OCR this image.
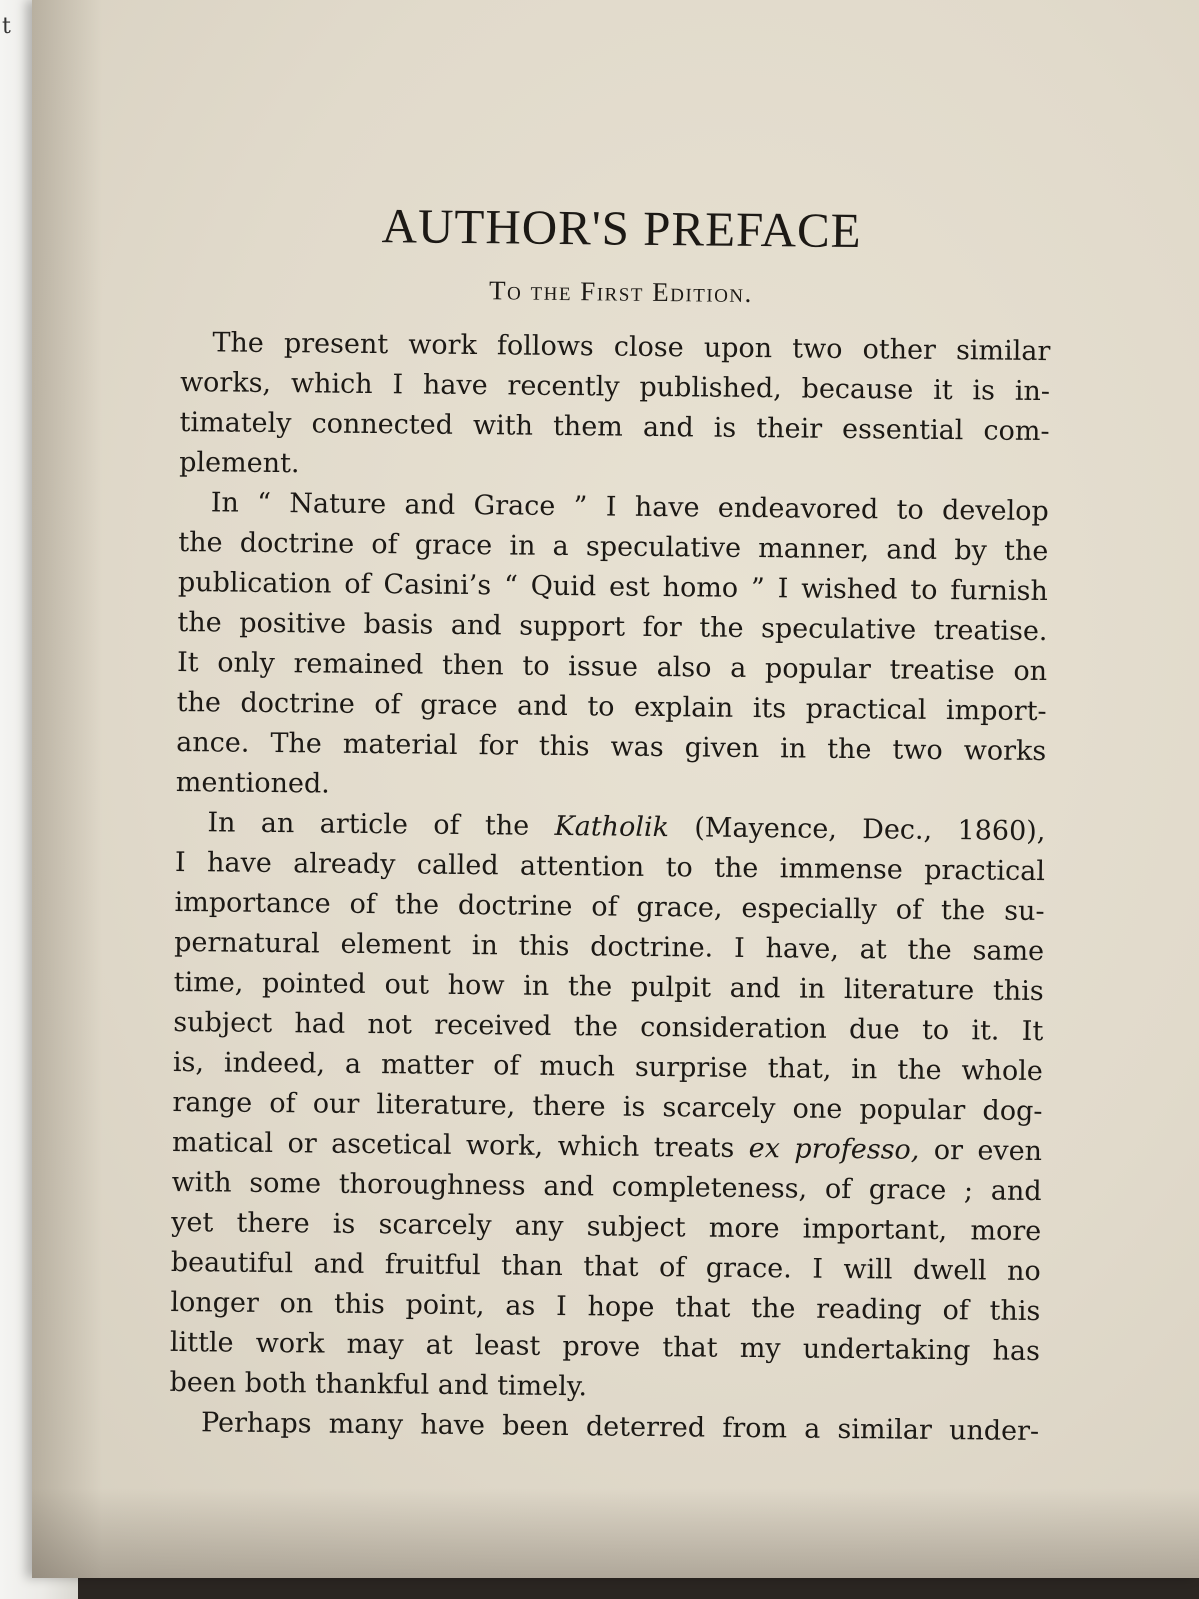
t
AUTHOR'S PREFACE
To the First Edition.

The present work follows close upon two other similar
works, which I have recently published, because it is in-
timately connected with them and is their essential com-
plement.

In “ Nature and Grace ” I have endeavored to develop
the doctrine of grace in a speculative manner, and by the
publication of Casini’s “ Quid est homo ” I wished to furnish
the positive basis and support for the speculative treatise.
It only remained then to issue also a popular treatise on
the doctrine of grace and to explain its practical import-
ance. The material for this was given in the two works
mentioned.

In an article of the Katholik (Mayence, Dec., 1860),
I have already called attention to the immense practical
importance of the doctrine of grace, especially of the su-
pernatural element in this doctrine. I have, at the same
time, pointed out how in the pulpit and in literature this
subject had not received the consideration due to it. It
is, indeed, a matter of much surprise that, in the whole
range of our literature, there is scarcely one popular dog-
matical or ascetical work, which treats ex professo, or even
with some thoroughness and completeness, of grace ; and
yet there is scarcely any subject more important, more
beautiful and fruitful than that of grace. I will dwell no
longer on this point, as I hope that the reading of this
little work may at least prove that my undertaking has
been both thankful and timely.

Perhaps many have been deterred from a similar under-
